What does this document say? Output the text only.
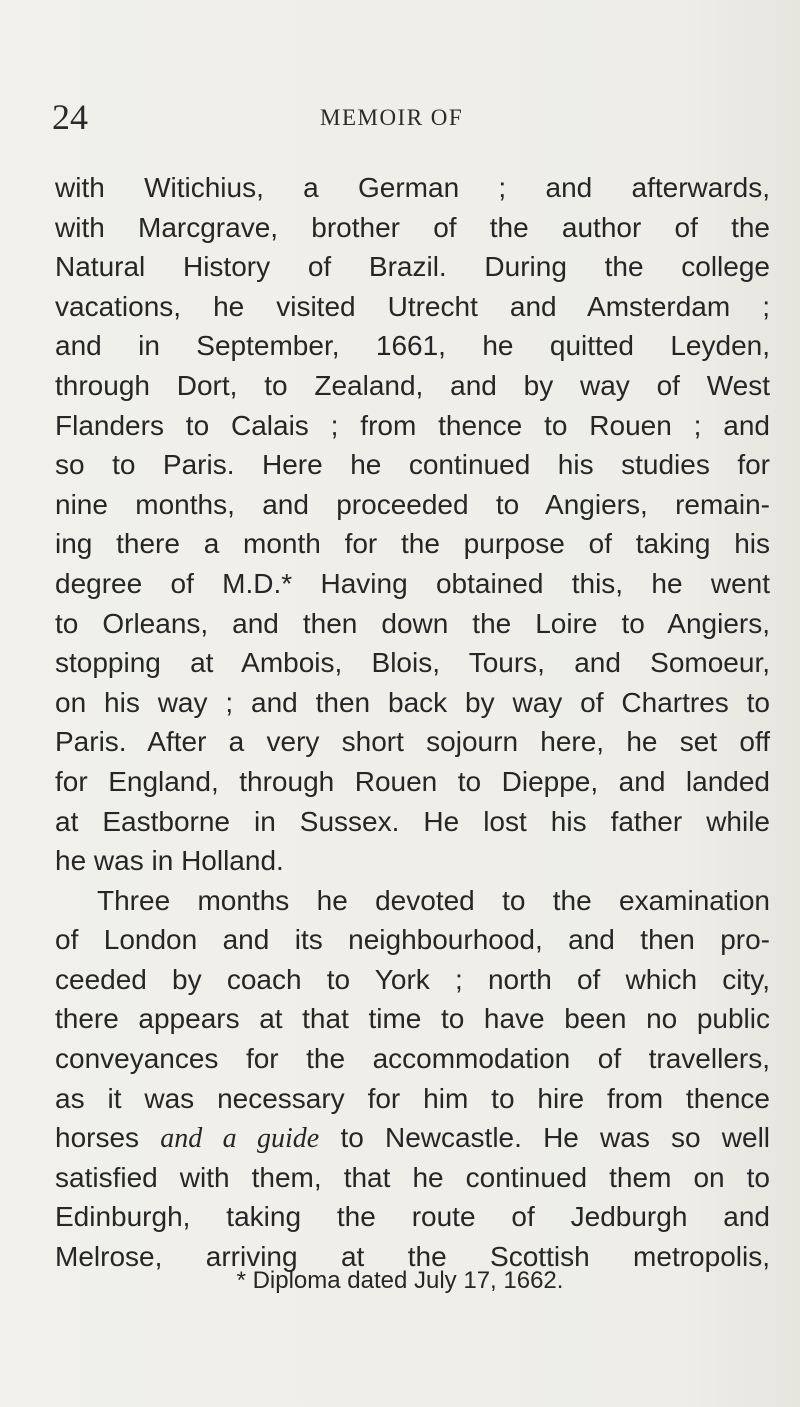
24	MEMOIR OF
with Witichius, a German ; and afterwards,
with Marcgrave, brother of the author of the
Natural History of Brazil. During the college
vacations, he visited Utrecht and Amsterdam ;
and in September, 1661, he quitted Leyden,
through Dort, to Zealand, and by way of West
Flanders to Calais ; from thence to Rouen ; and
so to Paris. Here he continued his studies for
nine months, and proceeded to Angiers, remain-
ing there a month for the purpose of taking his
degree of M.D.* Having obtained this, he went
to Orleans, and then down the Loire to Angiers,
stopping at Ambois, Blois, Tours, and Somoeur,
on his way ; and then back by way of Chartres to
Paris. After a very short sojourn here, he set off
for England, through Rouen to Dieppe, and landed
at Eastborne in Sussex. He lost his father while
he was in Holland.
Three months he devoted to the examination
of London and its neighbourhood, and then pro-
ceeded by coach to York ; north of which city,
there appears at that time to have been no public
conveyances for the accommodation of travellers,
as it was necessary for him to hire from thence
horses and a guide to Newcastle. He was so well
satisfied with them, that he continued them on to
Edinburgh, taking the route of Jedburgh and
Melrose, arriving at the Scottish metropolis,
* Diploma dated July 17, 1662.
